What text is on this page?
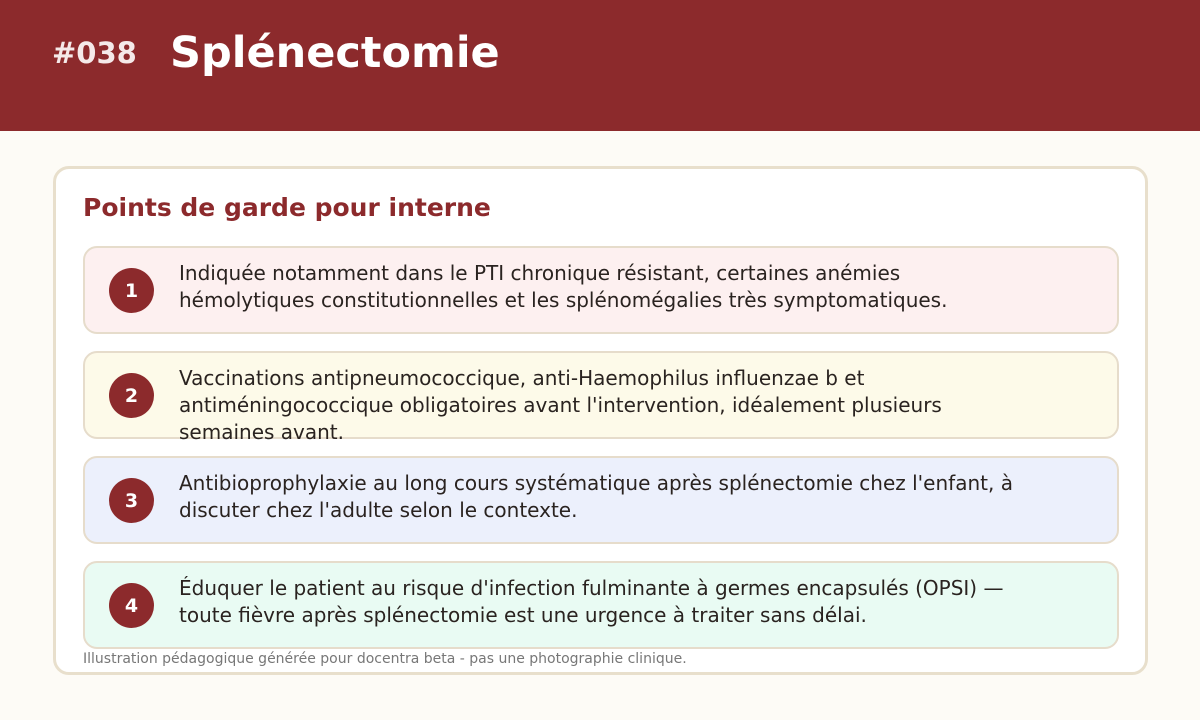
#038 Splénectomie
Points de garde pour interne
1
Indiquée notamment dans le PTI chronique résistant, certaines anémies hémolytiques constitutionnelles et les splénomégalies très symptomatiques.
2
Vaccinations antipneumococcique, anti-Haemophilus influenzae b et antiméningococcique obligatoires avant l'intervention, idéalement plusieurs semaines avant.
3
Antibioprophylaxie au long cours systématique après splénectomie chez l'enfant, à discuter chez l'adulte selon le contexte.
4
Éduquer le patient au risque d'infection fulminante à germes encapsulés (OPSI) — toute fièvre après splénectomie est une urgence à traiter sans délai.
Illustration pédagogique générée pour docentra beta - pas une photographie clinique.
